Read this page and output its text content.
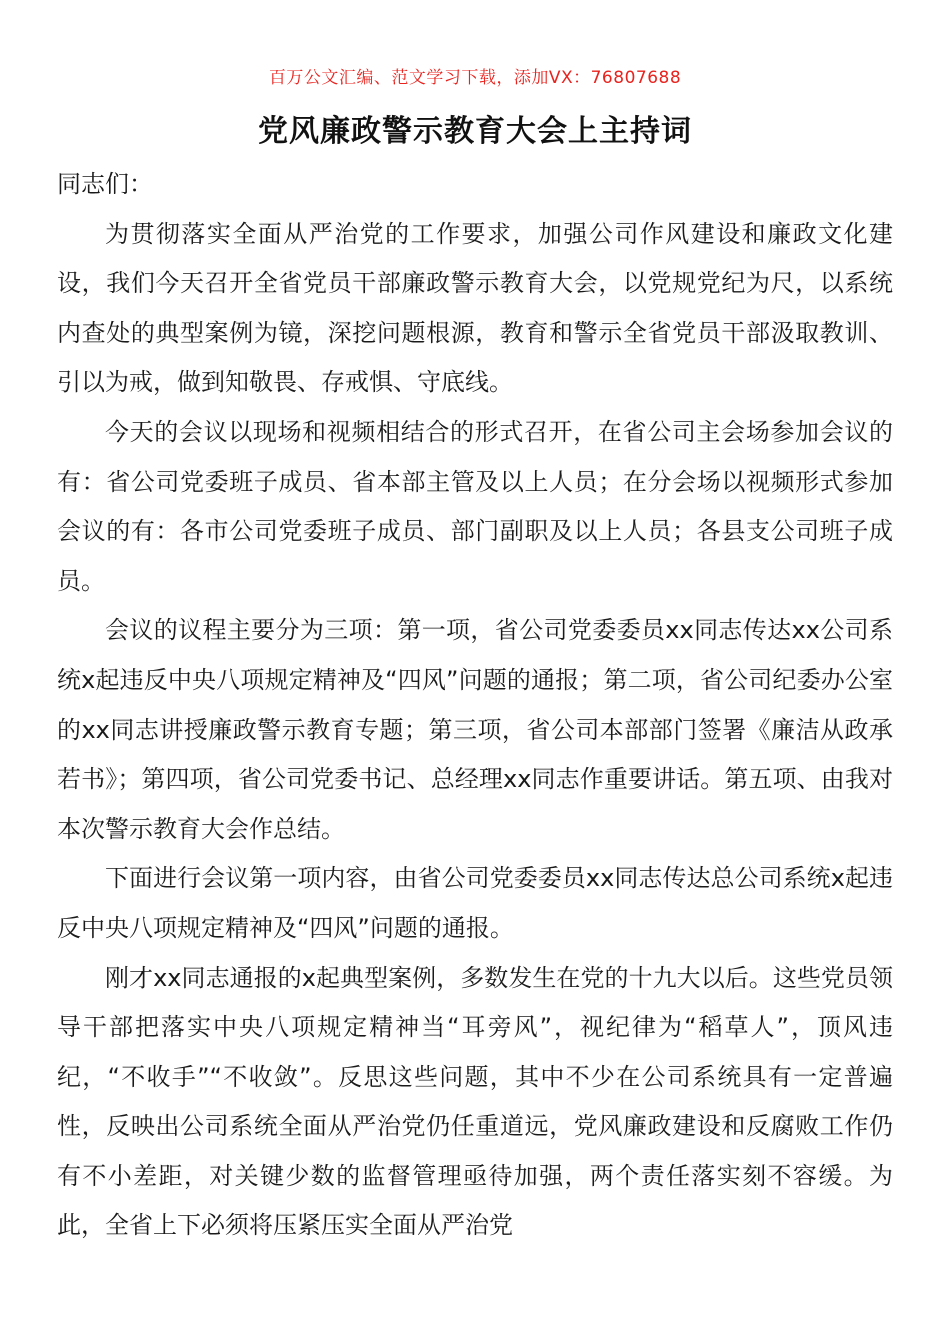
百万公文汇编、范文学习下载，添加VX：76807688
党风廉政警示教育大会上主持词

同志们：

为贯彻落实全面从严治党的工作要求，加强公司作风建设和廉政文化建设，我们今天召开全省党员干部廉政警示教育大会，以党规党纪为尺，以系统内查处的典型案例为镜，深挖问题根源，教育和警示全省党员干部汲取教训、引以为戒，做到知敬畏、存戒惧、守底线。

今天的会议以现场和视频相结合的形式召开，在省公司主会场参加会议的有：省公司党委班子成员、省本部主管及以上人员；在分会场以视频形式参加会议的有：各市公司党委班子成员、部门副职及以上人员；各县支公司班子成员。

会议的议程主要分为三项：第一项，省公司党委委员xx同志传达xx公司系统x起违反中央八项规定精神及“四风”问题的通报；第二项，省公司纪委办公室的xx同志讲授廉政警示教育专题；第三项，省公司本部部门签署《廉洁从政承若书》；第四项，省公司党委书记、总经理xx同志作重要讲话。第五项、由我对本次警示教育大会作总结。

下面进行会议第一项内容，由省公司党委委员xx同志传达总公司系统x起违反中央八项规定精神及“四风”问题的通报。

刚才xx同志通报的x起典型案例，多数发生在党的十九大以后。这些党员领导干部把落实中央八项规定精神当“耳旁风”，视纪律为“稻草人”，顶风违纪，“不收手”“不收敛”。反思这些问题，其中不少在公司系统具有一定普遍性，反映出公司系统全面从严治党仍任重道远，党风廉政建设和反腐败工作仍有不小差距，对关键少数的监督管理亟待加强，两个责任落实刻不容缓。为此，全省上下必须将压紧压实全面从严治党
